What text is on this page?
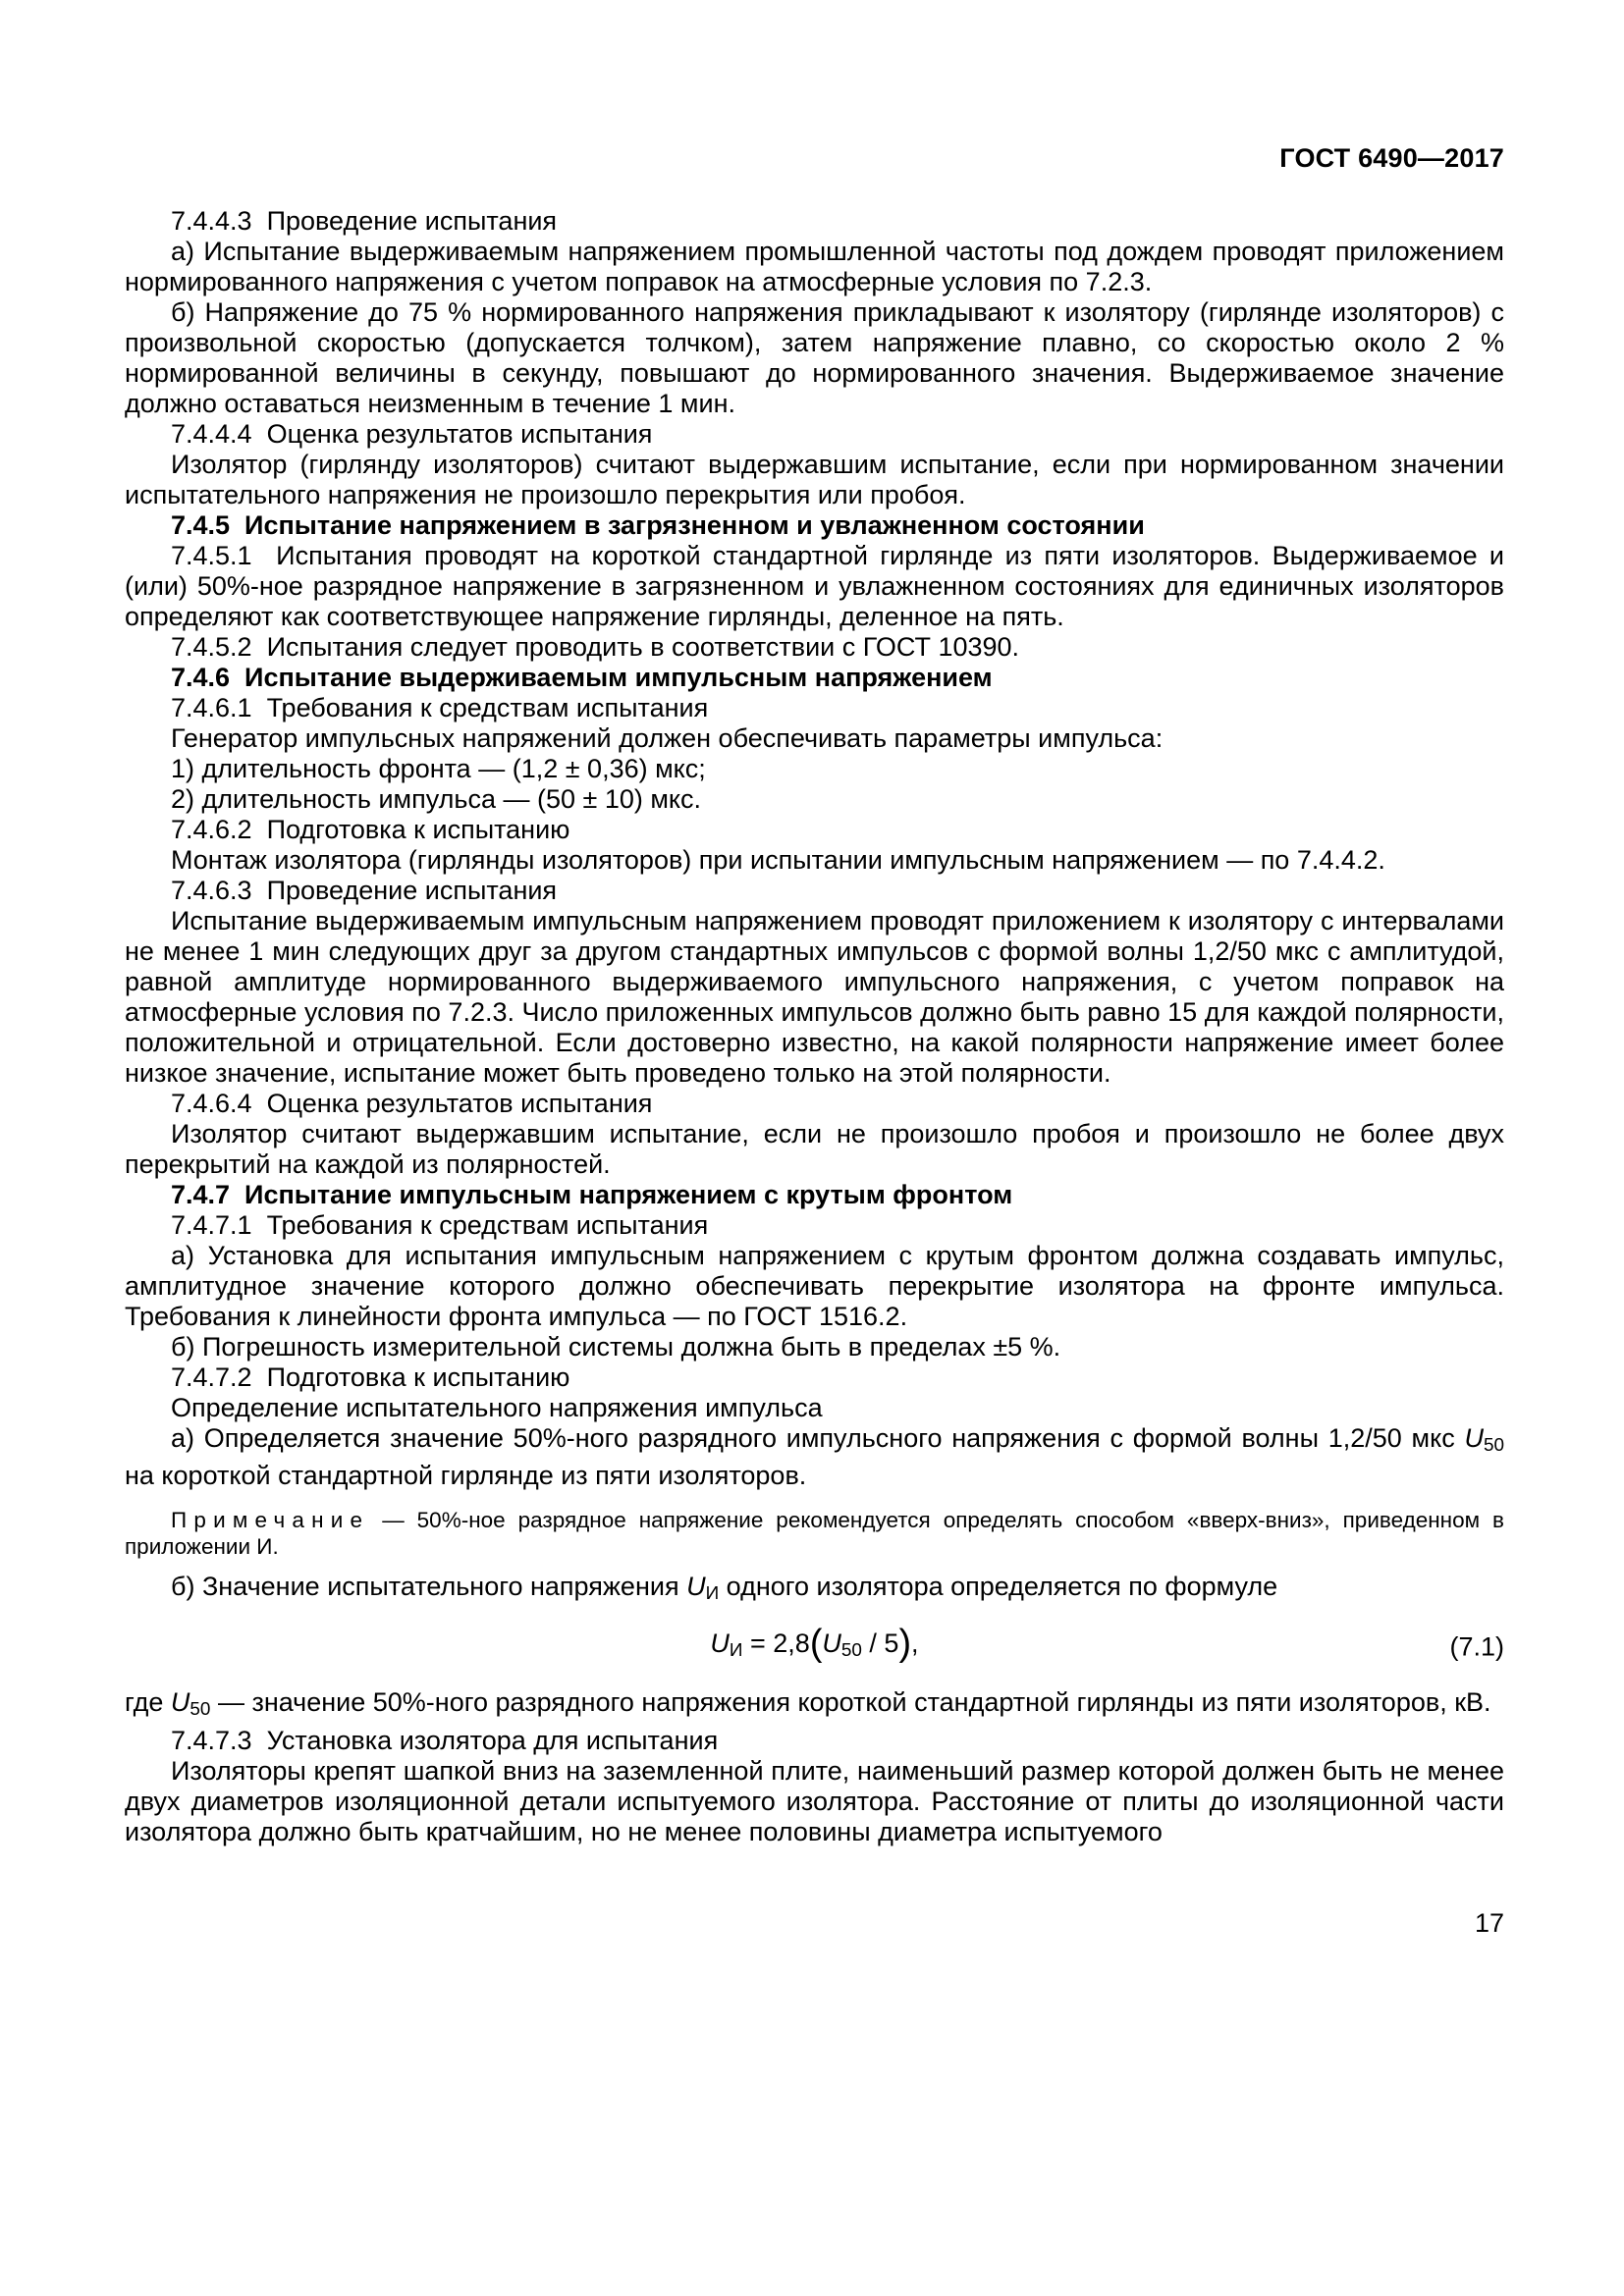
ГОСТ 6490—2017

7.4.4.3  Проведение испытания

а) Испытание выдерживаемым напряжением промышленной частоты под дождем проводят приложением нормированного напряжения с учетом поправок на атмосферные условия по 7.2.3.

б) Напряжение до 75 % нормированного напряжения прикладывают к изолятору (гирлянде изоляторов) с произвольной скоростью (допускается толчком), затем напряжение плавно, со скоростью около 2 % нормированной величины в секунду, повышают до нормированного значения. Выдерживаемое значение должно оставаться неизменным в течение 1 мин.

7.4.4.4  Оценка результатов испытания

Изолятор (гирлянду изоляторов) считают выдержавшим испытание, если при нормированном значении испытательного напряжения не произошло перекрытия или пробоя.

7.4.5  Испытание напряжением в загрязненном и увлажненном состоянии

7.4.5.1  Испытания проводят на короткой стандартной гирлянде из пяти изоляторов. Выдерживаемое и (или) 50%-ное разрядное напряжение в загрязненном и увлажненном состояниях для единичных изоляторов определяют как соответствующее напряжение гирлянды, деленное на пять.

7.4.5.2  Испытания следует проводить в соответствии с ГОСТ 10390.

7.4.6  Испытание выдерживаемым импульсным напряжением

7.4.6.1  Требования к средствам испытания

Генератор импульсных напряжений должен обеспечивать параметры импульса:

1) длительность фронта — (1,2 ± 0,36) мкс;

2) длительность импульса — (50 ± 10) мкс.

7.4.6.2  Подготовка к испытанию

Монтаж изолятора (гирлянды изоляторов) при испытании импульсным напряжением — по 7.4.4.2.

7.4.6.3  Проведение испытания

Испытание выдерживаемым импульсным напряжением проводят приложением к изолятору с интервалами не менее 1 мин следующих друг за другом стандартных импульсов с формой волны 1,2/50 мкс с амплитудой, равной амплитуде нормированного выдерживаемого импульсного напряжения, с учетом поправок на атмосферные условия по 7.2.3. Число приложенных импульсов должно быть равно 15 для каждой полярности, положительной и отрицательной. Если достоверно известно, на какой полярности напряжение имеет более низкое значение, испытание может быть проведено только на этой полярности.

7.4.6.4  Оценка результатов испытания

Изолятор считают выдержавшим испытание, если не произошло пробоя и произошло не более двух перекрытий на каждой из полярностей.

7.4.7  Испытание импульсным напряжением с крутым фронтом

7.4.7.1  Требования к средствам испытания

а) Установка для испытания импульсным напряжением с крутым фронтом должна создавать импульс, амплитудное значение которого должно обеспечивать перекрытие изолятора на фронте импульса. Требования к линейности фронта импульса — по ГОСТ 1516.2.

б) Погрешность измерительной системы должна быть в пределах ±5 %.

7.4.7.2  Подготовка к испытанию

Определение испытательного напряжения импульса

а) Определяется значение 50%-ного разрядного импульсного напряжения с формой волны 1,2/50 мкс U50 на короткой стандартной гирлянде из пяти изоляторов.

Примечание — 50%-ное разрядное напряжение рекомендуется определять способом «вверх-вниз», приведенном в приложении И.

б) Значение испытательного напряжения UИ одного изолятора определяется по формуле

UИ = 2,8(U50 / 5),	(7.1)

где U50 — значение 50%-ного разрядного напряжения короткой стандартной гирлянды из пяти изоляторов, кВ.

7.4.7.3  Установка изолятора для испытания

Изоляторы крепят шапкой вниз на заземленной плите, наименьший размер которой должен быть не менее двух диаметров изоляционной детали испытуемого изолятора. Расстояние от плиты до изоляционной части изолятора должно быть кратчайшим, но не менее половины диаметра испытуемого

17
